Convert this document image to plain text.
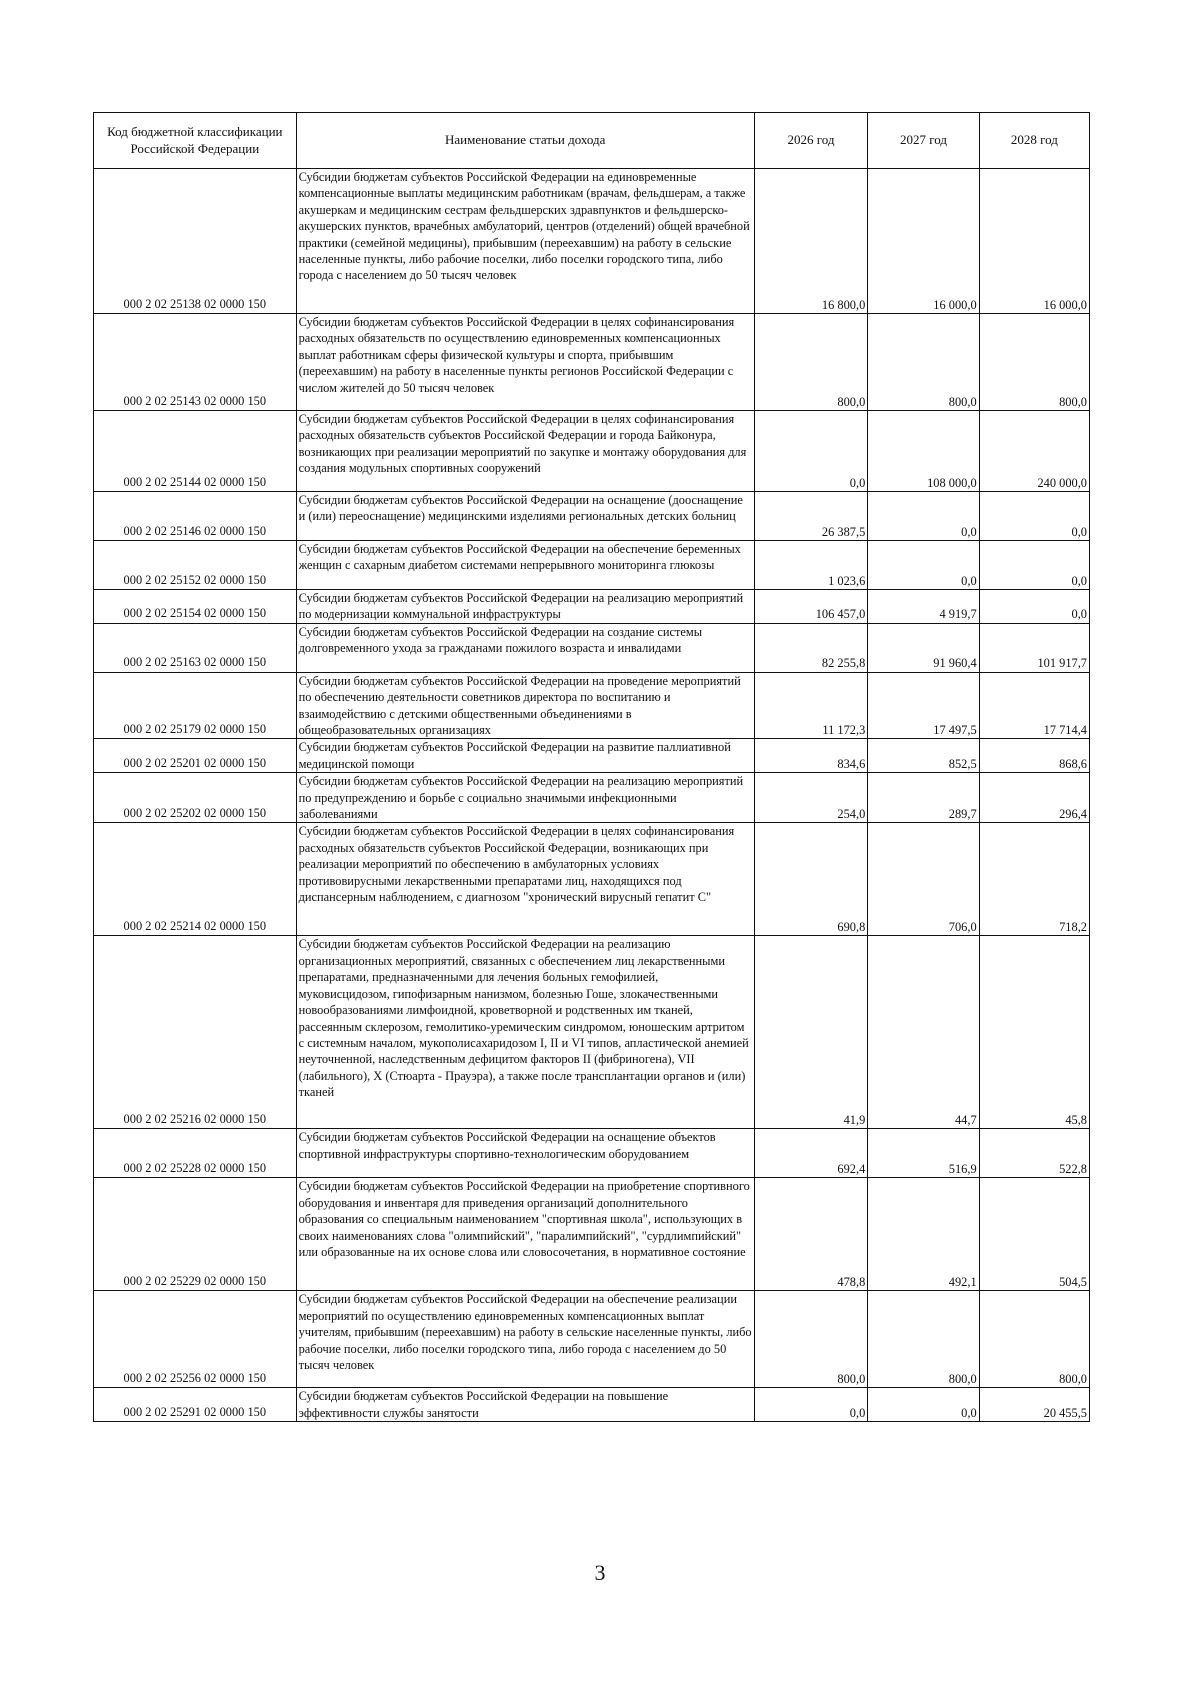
Код бюджетной классификации Российской Федерации	Наименование статьи дохода	2026 год	2027 год	2028 год
000 2 02 25138 02 0000 150	Субсидии бюджетам субъектов Российской Федерации на единовременные компенсационные выплаты медицинским работникам (врачам, фельдшерам, а также акушеркам и медицинским сестрам фельдшерских здравпунктов и фельдшерско-акушерских пунктов, врачебных амбулаторий, центров (отделений) общей врачебной практики (семейной медицины), прибывшим (переехавшим) на работу в сельские населенные пункты, либо рабочие поселки, либо поселки городского типа, либо города с населением до 50 тысяч человек	16 800,0	16 000,0	16 000,0
000 2 02 25143 02 0000 150	Субсидии бюджетам субъектов Российской Федерации в целях софинансирования расходных обязательств по осуществлению единовременных компенсационных выплат работникам сферы физической культуры и спорта, прибывшим (переехавшим) на работу в населенные пункты регионов Российской Федерации с числом жителей до 50 тысяч человек	800,0	800,0	800,0
000 2 02 25144 02 0000 150	Субсидии бюджетам субъектов Российской Федерации в целях софинансирования расходных обязательств субъектов Российской Федерации и города Байконура, возникающих при реализации мероприятий по закупке и монтажу оборудования для создания модульных спортивных сооружений	0,0	108 000,0	240 000,0
000 2 02 25146 02 0000 150	Субсидии бюджетам субъектов Российской Федерации на оснащение (дооснащение и (или) переоснащение) медицинскими изделиями региональных детских больниц	26 387,5	0,0	0,0
000 2 02 25152 02 0000 150	Субсидии бюджетам субъектов Российской Федерации на обеспечение беременных женщин с сахарным диабетом системами непрерывного мониторинга глюкозы	1 023,6	0,0	0,0
000 2 02 25154 02 0000 150	Субсидии бюджетам субъектов Российской Федерации на реализацию мероприятий по модернизации коммунальной инфраструктуры	106 457,0	4 919,7	0,0
000 2 02 25163 02 0000 150	Субсидии бюджетам субъектов Российской Федерации на создание системы долговременного ухода за гражданами пожилого возраста и инвалидами	82 255,8	91 960,4	101 917,7
000 2 02 25179 02 0000 150	Субсидии бюджетам субъектов Российской Федерации на проведение мероприятий по обеспечению деятельности советников директора по воспитанию и взаимодействию с детскими общественными объединениями в общеобразовательных организациях	11 172,3	17 497,5	17 714,4
000 2 02 25201 02 0000 150	Субсидии бюджетам субъектов Российской Федерации на развитие паллиативной медицинской помощи	834,6	852,5	868,6
000 2 02 25202 02 0000 150	Субсидии бюджетам субъектов Российской Федерации на реализацию мероприятий по предупреждению и борьбе с социально значимыми инфекционными заболеваниями	254,0	289,7	296,4
000 2 02 25214 02 0000 150	Субсидии бюджетам субъектов Российской Федерации в целях софинансирования расходных обязательств субъектов Российской Федерации, возникающих при реализации мероприятий по обеспечению в амбулаторных условиях противовирусными лекарственными препаратами лиц, находящихся под диспансерным наблюдением, с диагнозом "хронический вирусный гепатит С"	690,8	706,0	718,2
000 2 02 25216 02 0000 150	Субсидии бюджетам субъектов Российской Федерации на реализацию организационных мероприятий, связанных с обеспечением лиц лекарственными препаратами, предназначенными для лечения больных гемофилией, муковисцидозом, гипофизарным нанизмом, болезнью Гоше, злокачественными новообразованиями лимфоидной, кроветворной и родственных им тканей, рассеянным склерозом, гемолитико-уремическим синдромом, юношеским артритом с системным началом, мукополисахаридозом I, II и VI типов, апластической анемией неуточненной, наследственным дефицитом факторов II (фибриногена), VII (лабильного), X (Стюарта - Прауэра), а также после трансплантации органов и (или) тканей	41,9	44,7	45,8
000 2 02 25228 02 0000 150	Субсидии бюджетам субъектов Российской Федерации на оснащение объектов спортивной инфраструктуры спортивно-технологическим оборудованием	692,4	516,9	522,8
000 2 02 25229 02 0000 150	Субсидии бюджетам субъектов Российской Федерации на приобретение спортивного оборудования и инвентаря для приведения организаций дополнительного образования со специальным наименованием "спортивная школа", использующих в своих наименованиях слова "олимпийский", "паралимпийский", "сурдлимпийский" или образованные на их основе слова или словосочетания, в нормативное состояние	478,8	492,1	504,5
000 2 02 25256 02 0000 150	Субсидии бюджетам субъектов Российской Федерации на обеспечение реализации мероприятий по осуществлению единовременных компенсационных выплат учителям, прибывшим (переехавшим) на работу в сельские населенные пункты, либо рабочие поселки, либо поселки городского типа, либо города с населением до 50 тысяч человек	800,0	800,0	800,0
000 2 02 25291 02 0000 150	Субсидии бюджетам субъектов Российской Федерации на повышение эффективности службы занятости	0,0	0,0	20 455,5
3
